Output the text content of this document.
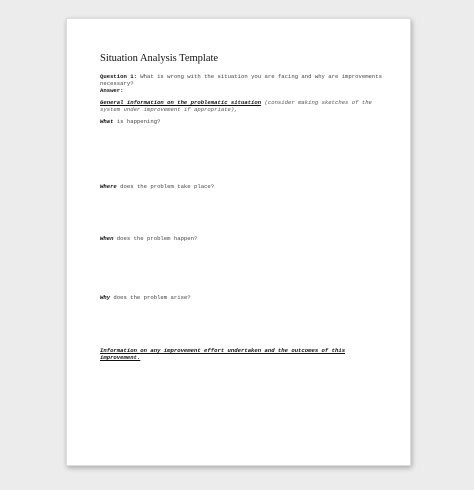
Situation Analysis Template
Question 1: What is wrong with the situation you are facing and why are improvements necessary?
Answer:
General information on the problematic situation (consider making sketches of the system under improvement if appropriate),
What is happening?
Where does the problem take place?
When does the problem happen?
Why does the problem arise?
Information on any improvement effort undertaken and the outcomes of this improvement.
